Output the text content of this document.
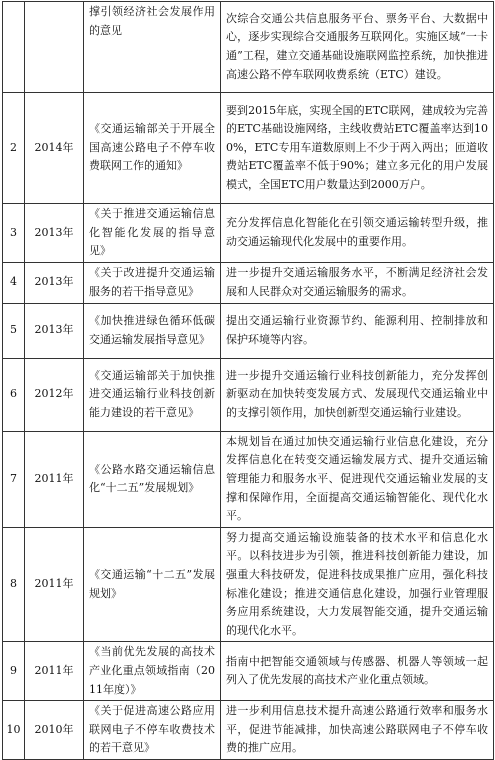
		撑引领经济社会发展作用的意见	次综合交通公共信息服务平台、票务平台、大数据中心，逐步实现综合交通服务互联网化。实施区域“一卡通”工程，建立交通基础设施联网监控系统，加快推进高速公路不停车联网收费系统（ETC）建设。
2	2014年	《交通运输部关于开展全国高速公路电子不停车收费联网工作的通知》	要到2015年底，实现全国的ETC联网，建成较为完善的ETC基础设施网络，主线收费站ETC覆盖率达到100%，ETC专用车道数原则上不少于两入两出；匝道收费站ETC覆盖率不低于90%；建立多元化的用户发展模式，全国ETC用户数量达到2000万户。
3	2013年	《关于推进交通运输信息化智能化发展的指导意见》	充分发挥信息化智能化在引领交通运输转型升级，推动交通运输现代化发展中的重要作用。
4	2013年	《关于改进提升交通运输服务的若干指导意见》	进一步提升交通运输服务水平，不断满足经济社会发展和人民群众对交通运输服务的需求。
5	2013年	《加快推进绿色循环低碳交通运输发展指导意见》	提出交通运输行业资源节约、能源利用、控制排放和保护环境等内容。
6	2012年	《交通运输部关于加快推进交通运输行业科技创新能力建设的若干意见》	进一步提升交通运输行业科技创新能力，充分发挥创新驱动在加快转变发展方式、发展现代交通运输业中的支撑引领作用，加快创新型交通运输行业建设。
7	2011年	《公路水路交通运输信息化“十二五”发展规划》	本规划旨在通过加快交通运输行业信息化建设，充分发挥信息化在转变交通运输发展方式、提升交通运输管理能力和服务水平、促进现代交通运输业发展的支撑和保障作用，全面提高交通运输智能化、现代化水平。
8	2011年	《交通运输“十二五”发展规划》	努力提高交通运输设施装备的技术水平和信息化水平。以科技进步为引领，推进科技创新能力建设，加强重大科技研发，促进科技成果推广应用，强化科技标准化建设；推进交通信息化建设，加强行业管理服务应用系统建设，大力发展智能交通，提升交通运输的现代化水平。
9	2011年	《当前优先发展的高技术产业化重点领域指南（2011年度）》	指南中把智能交通领域与传感器、机器人等领域一起列入了优先发展的高技术产业化重点领域。
10	2010年	《关于促进高速公路应用联网电子不停车收费技术的若干意见》	进一步利用信息技术提升高速公路通行效率和服务水平，促进节能减排，加快高速公路联网电子不停车收费的推广应用。
